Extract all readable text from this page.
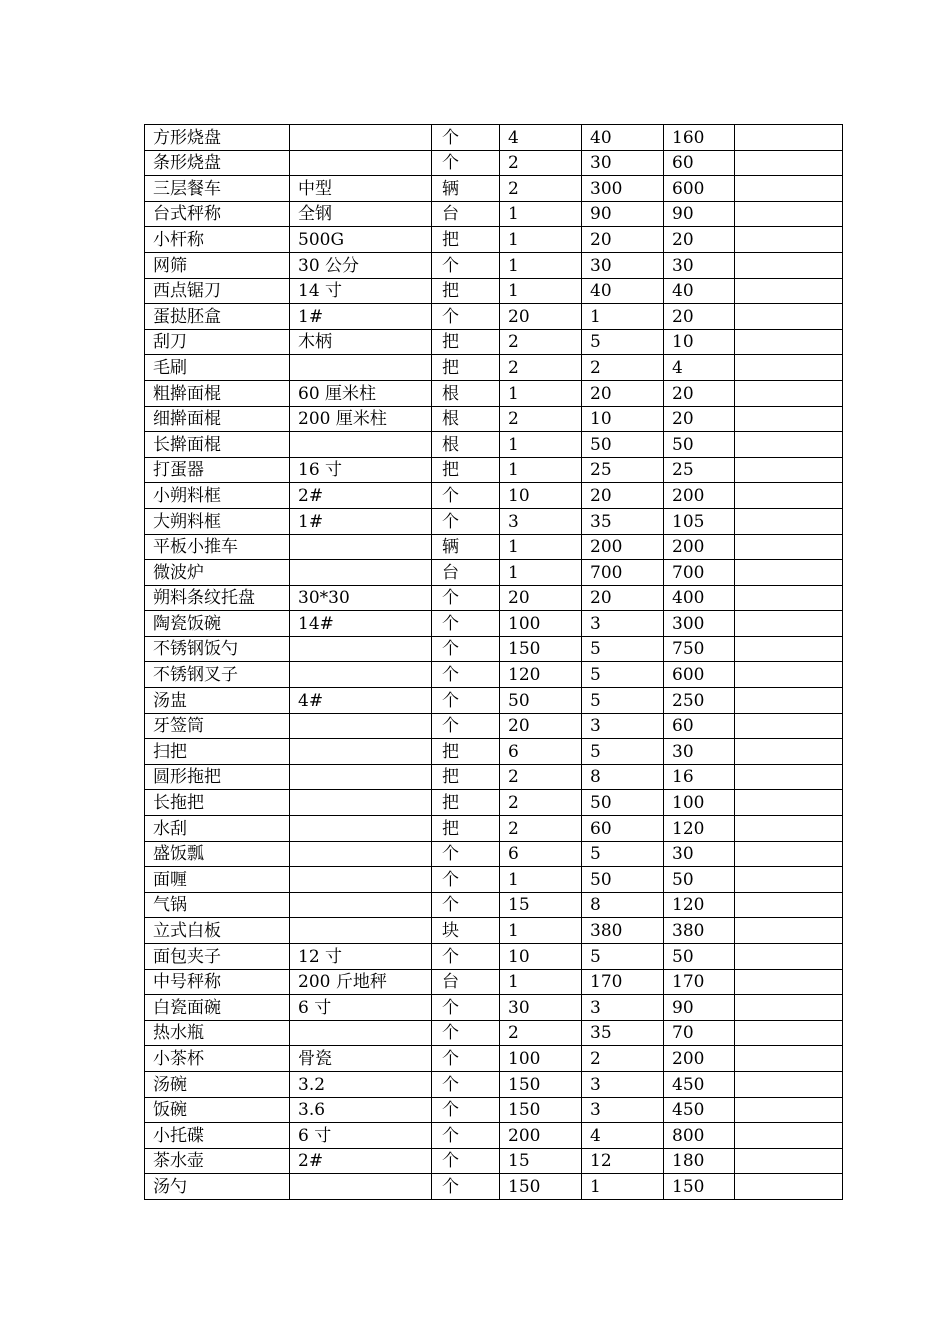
方形烧盘		个	4	40	160	
条形烧盘		个	2	30	60	
三层餐车	中型	辆	2	300	600	
台式秤称	全钢	台	1	90	90	
小杆称	500G	把	1	20	20	
网筛	30 公分	个	1	30	30	
西点锯刀	14 寸	把	1	40	40	
蛋挞胚盒	1#	个	20	1	20	
刮刀	木柄	把	2	5	10	
毛刷		把	2	2	4	
粗擀面棍	60 厘米柱	根	1	20	20	
细擀面棍	200 厘米柱	根	2	10	20	
长擀面棍		根	1	50	50	
打蛋器	16 寸	把	1	25	25	
小朔料框	2#	个	10	20	200	
大朔料框	1#	个	3	35	105	
平板小推车		辆	1	200	200	
微波炉		台	1	700	700	
朔料条纹托盘	30*30	个	20	20	400	
陶瓷饭碗	14#	个	100	3	300	
不锈钢饭勺		个	150	5	750	
不锈钢叉子		个	120	5	600	
汤盅	4#	个	50	5	250	
牙签筒		个	20	3	60	
扫把		把	6	5	30	
圆形拖把		把	2	8	16	
长拖把		把	2	50	100	
水刮		把	2	60	120	
盛饭瓢		个	6	5	30	
面喱		个	1	50	50	
气锅		个	15	8	120	
立式白板		块	1	380	380	
面包夹子	12 寸	个	10	5	50	
中号秤称	200 斤地秤	台	1	170	170	
白瓷面碗	6 寸	个	30	3	90	
热水瓶		个	2	35	70	
小茶杯	骨瓷	个	100	2	200	
汤碗	3.2	个	150	3	450	
饭碗	3.6	个	150	3	450	
小托碟	6 寸	个	200	4	800	
茶水壶	2#	个	15	12	180	
汤勺		个	150	1	150	
